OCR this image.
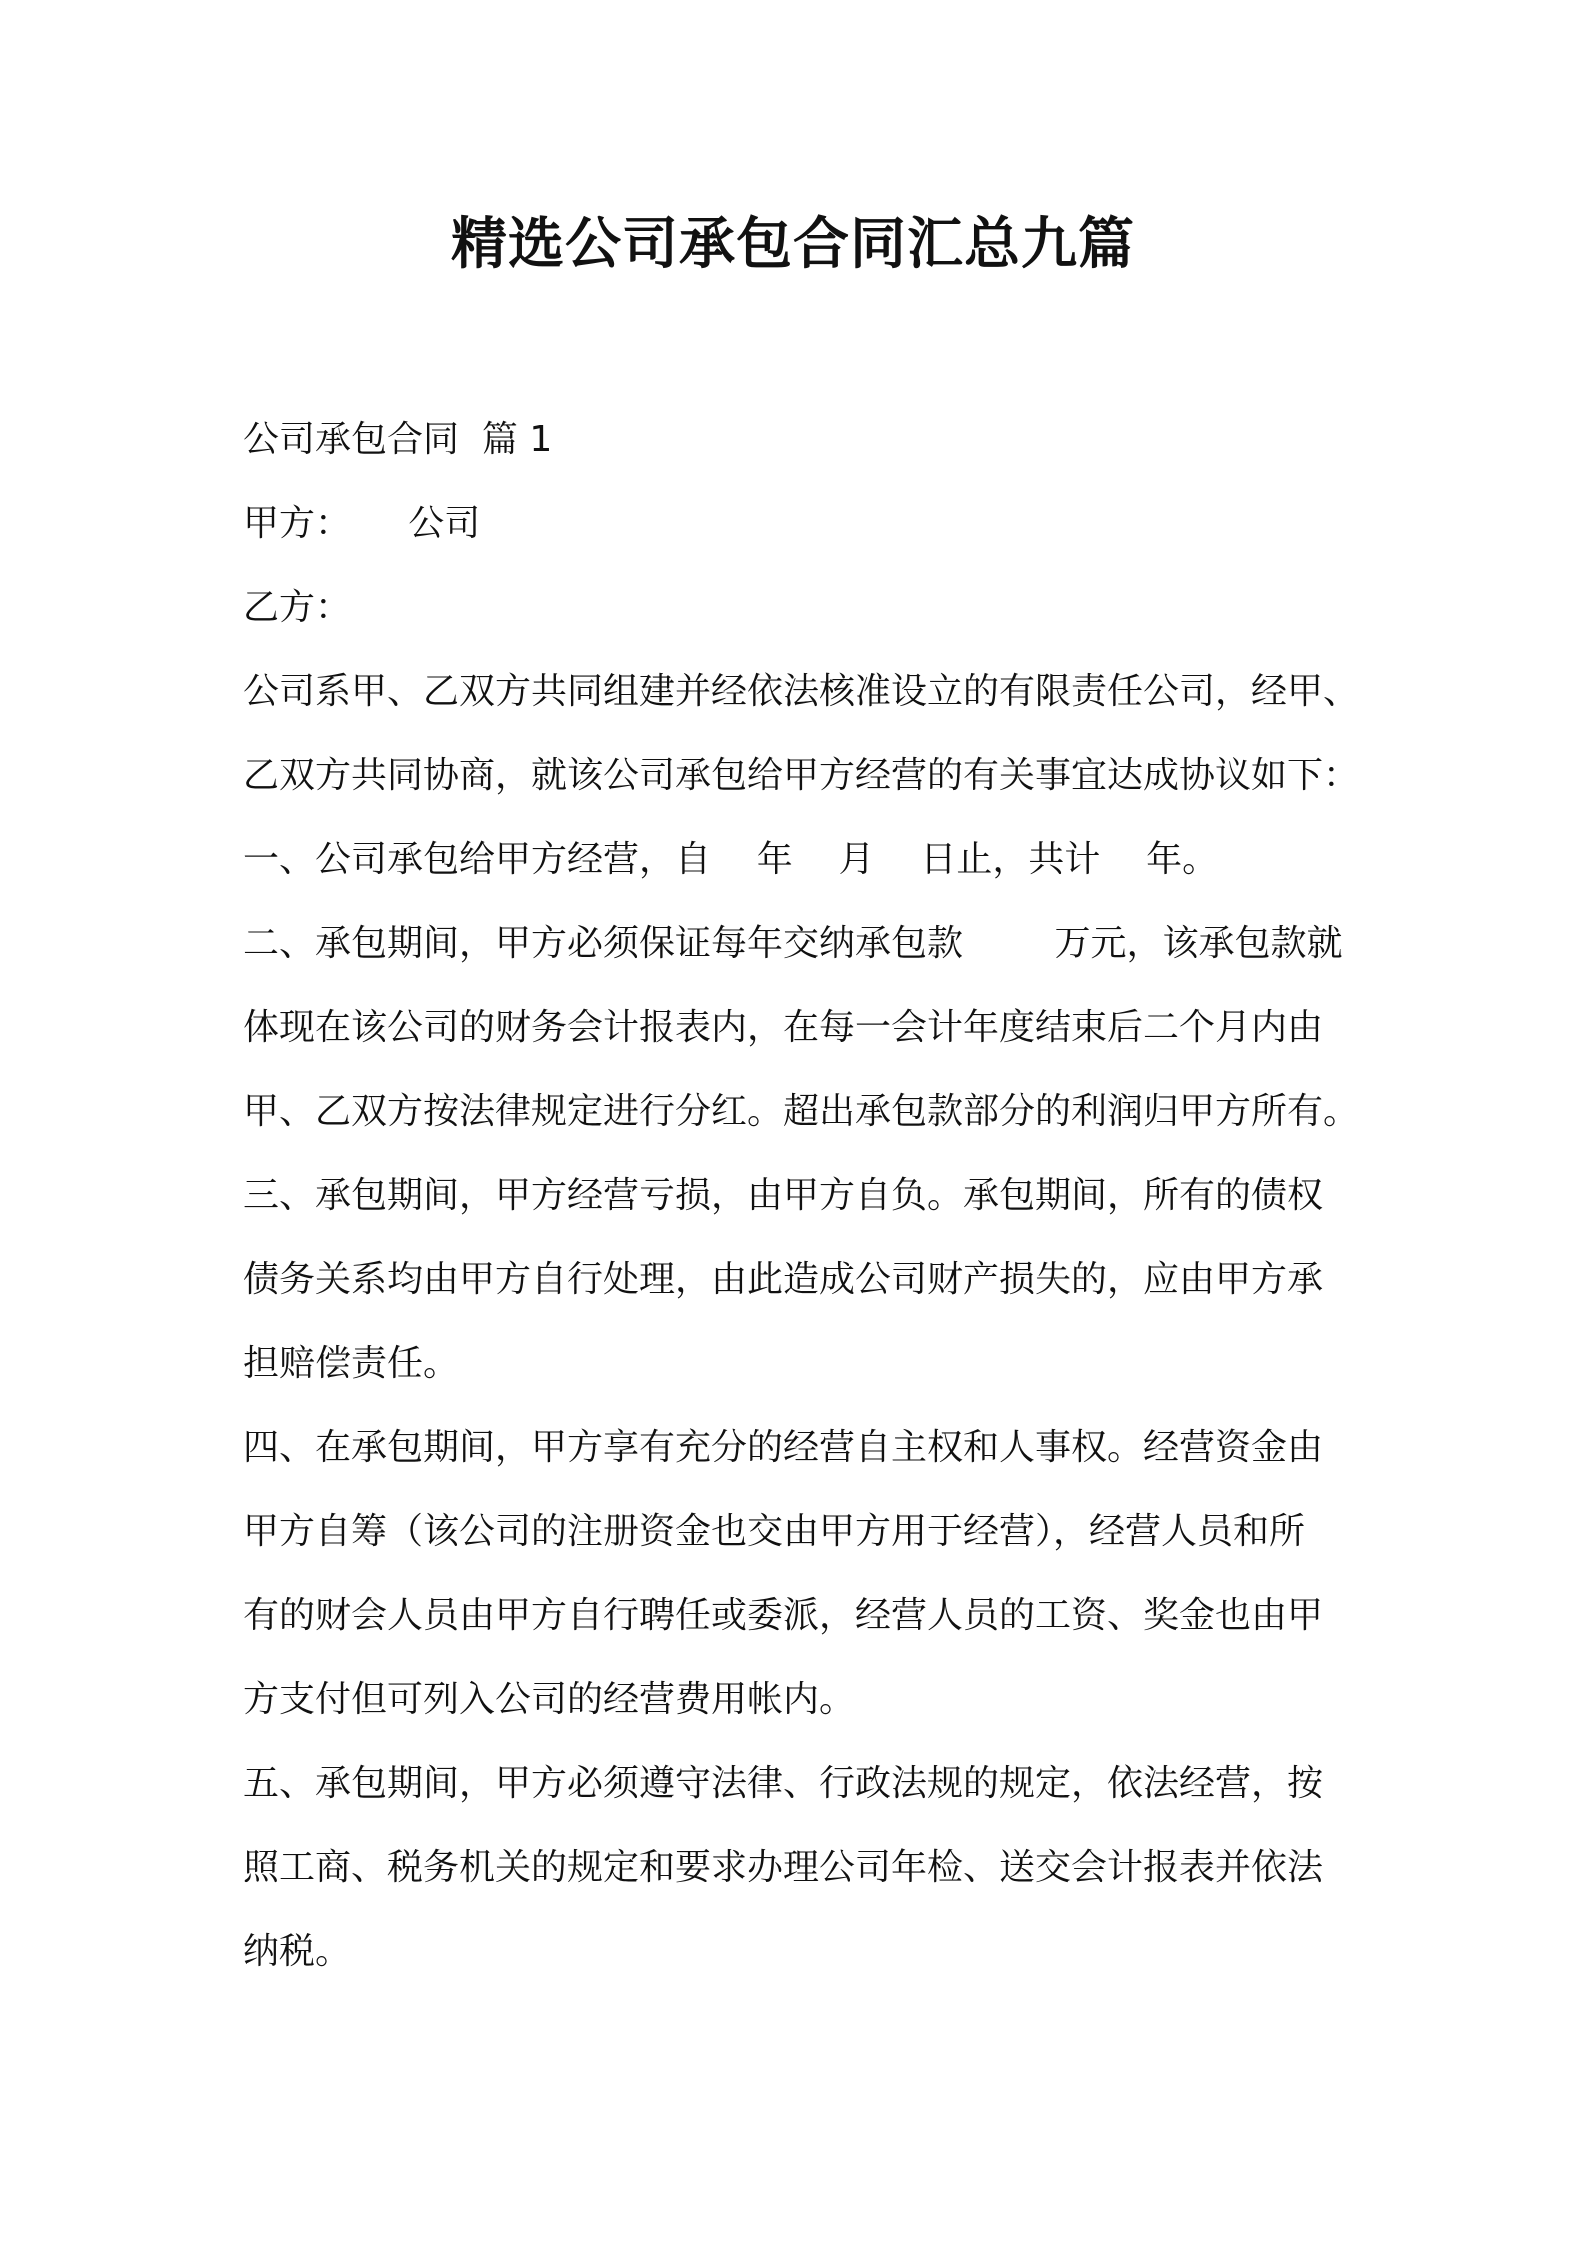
精选公司承包合同汇总九篇
公司承包合同  篇 1
甲方：     公司
乙方：
公司系甲、乙双方共同组建并经依法核准设立的有限责任公司，经甲、
乙双方共同协商，就该公司承包给甲方经营的有关事宜达成协议如下：
一、公司承包给甲方经营，自    年    月    日止，共计    年。
二、承包期间，甲方必须保证每年交纳承包款        万元，该承包款就
体现在该公司的财务会计报表内，在每一会计年度结束后二个月内由
甲、乙双方按法律规定进行分红。超出承包款部分的利润归甲方所有。
三、承包期间，甲方经营亏损，由甲方自负。承包期间，所有的债权
债务关系均由甲方自行处理，由此造成公司财产损失的，应由甲方承
担赔偿责任。
四、在承包期间，甲方享有充分的经营自主权和人事权。经营资金由
甲方自筹（该公司的注册资金也交由甲方用于经营），经营人员和所
有的财会人员由甲方自行聘任或委派，经营人员的工资、奖金也由甲
方支付但可列入公司的经营费用帐内。
五、承包期间，甲方必须遵守法律、行政法规的规定，依法经营，按
照工商、税务机关的规定和要求办理公司年检、送交会计报表并依法
纳税。
